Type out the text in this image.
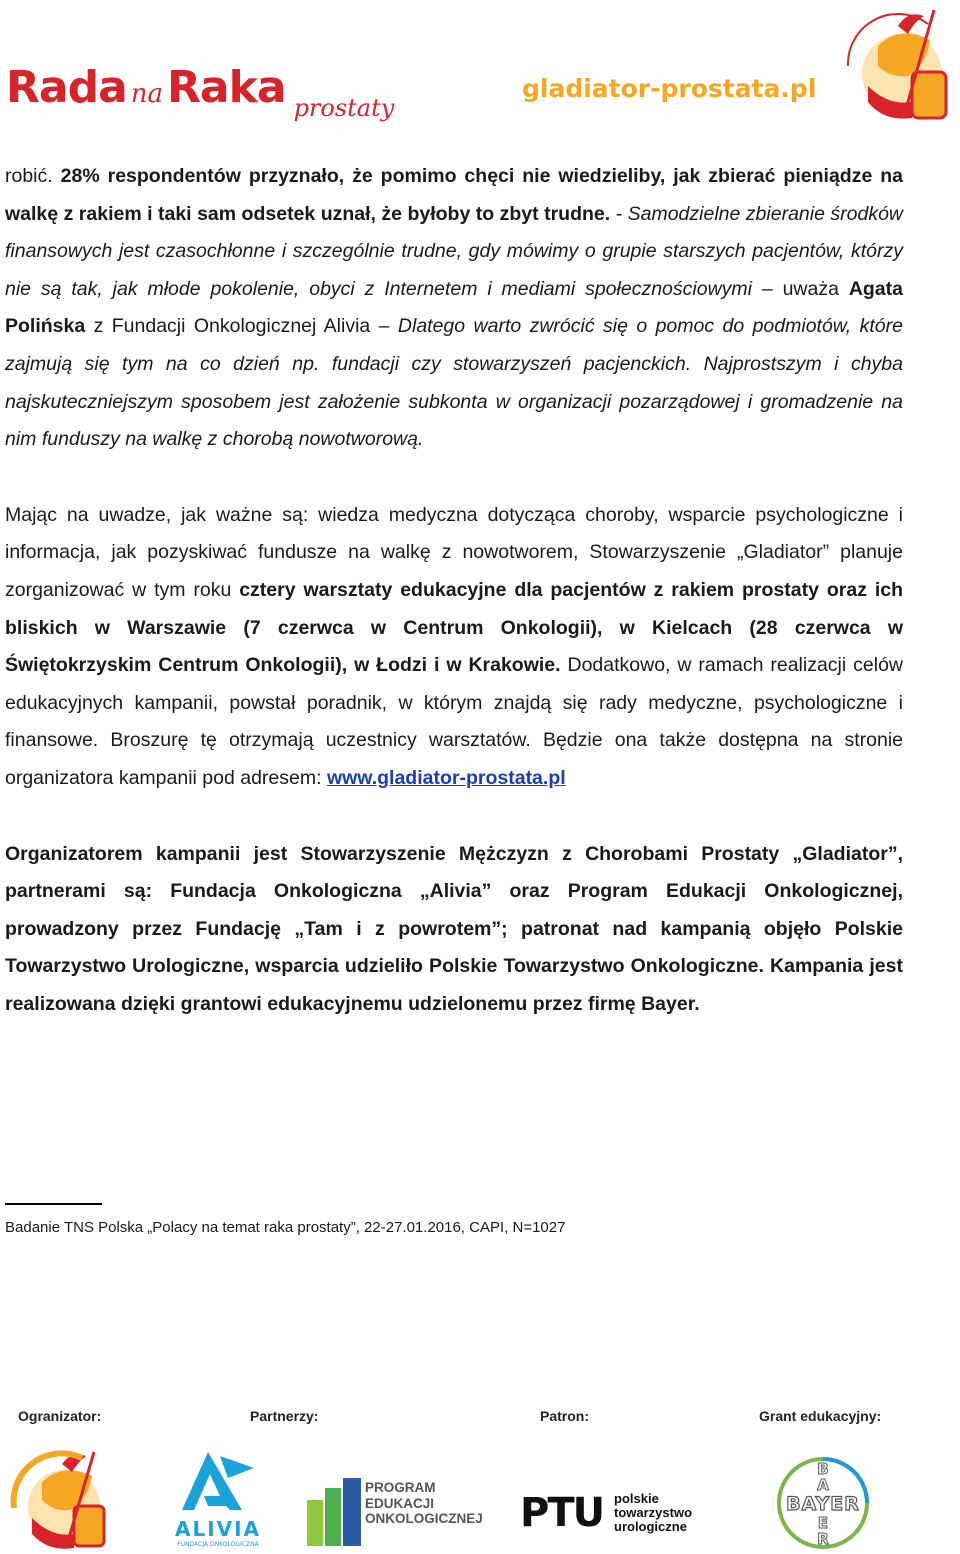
Rada naRaka prostaty
gladiator-prostata.pl

robić. 28% respondentów przyznało, że pomimo chęci nie wiedzieliby, jak zbierać pieniądze na walkę z rakiem i taki sam odsetek uznał, że byłoby to zbyt trudne. - Samodzielne zbieranie środków finansowych jest czasochłonne i szczególnie trudne, gdy mówimy o grupie starszych pacjentów, którzy nie są tak, jak młode pokolenie, obyci z Internetem i mediami społecznościowymi – uważa Agata Polińska z Fundacji Onkologicznej Alivia – Dlatego warto zwrócić się o pomoc do podmiotów, które zajmują się tym na co dzień np. fundacji czy stowarzyszeń pacjenckich. Najprostszym i chyba najskuteczniejszym sposobem jest założenie subkonta w organizacji pozarządowej i gromadzenie na nim funduszy na walkę z chorobą nowotworową.

Mając na uwadze, jak ważne są: wiedza medyczna dotycząca choroby, wsparcie psychologiczne i informacja, jak pozyskiwać fundusze na walkę z nowotworem, Stowarzyszenie „Gladiator” planuje zorganizować w tym roku cztery warsztaty edukacyjne dla pacjentów z rakiem prostaty oraz ich bliskich w Warszawie (7 czerwca w Centrum Onkologii), w Kielcach (28 czerwca w Świętokrzyskim Centrum Onkologii), w Łodzi i w Krakowie. Dodatkowo, w ramach realizacji celów edukacyjnych kampanii, powstał poradnik, w którym znajdą się rady medyczne, psychologiczne i finansowe. Broszurę tę otrzymają uczestnicy warsztatów. Będzie ona także dostępna na stronie organizatora kampanii pod adresem: www.gladiator-prostata.pl

Organizatorem kampanii jest Stowarzyszenie Mężczyzn z Chorobami Prostaty „Gladiator”, partnerami są: Fundacja Onkologiczna „Alivia” oraz Program Edukacji Onkologicznej, prowadzony przez Fundację „Tam i z powrotem”; patronat nad kampanią objęło Polskie Towarzystwo Urologiczne, wsparcia udzieliło Polskie Towarzystwo Onkologiczne. Kampania jest realizowana dzięki grantowi edukacyjnemu udzielonemu przez firmę Bayer.

Badanie TNS Polska „Polacy na temat raka prostaty”, 22-27.01.2016, CAPI, N=1027
Ogranizator:	Partnerzy:	Patron:	Grant edukacyjny:
ALIVIA
FUNDACJA ONKOLOGICZNA
PROGRAM
EDUKACJI
ONKOLOGICZNEJ PTU polskie
towarzystwo
urologiczne
BAYER
B
A
E
R
